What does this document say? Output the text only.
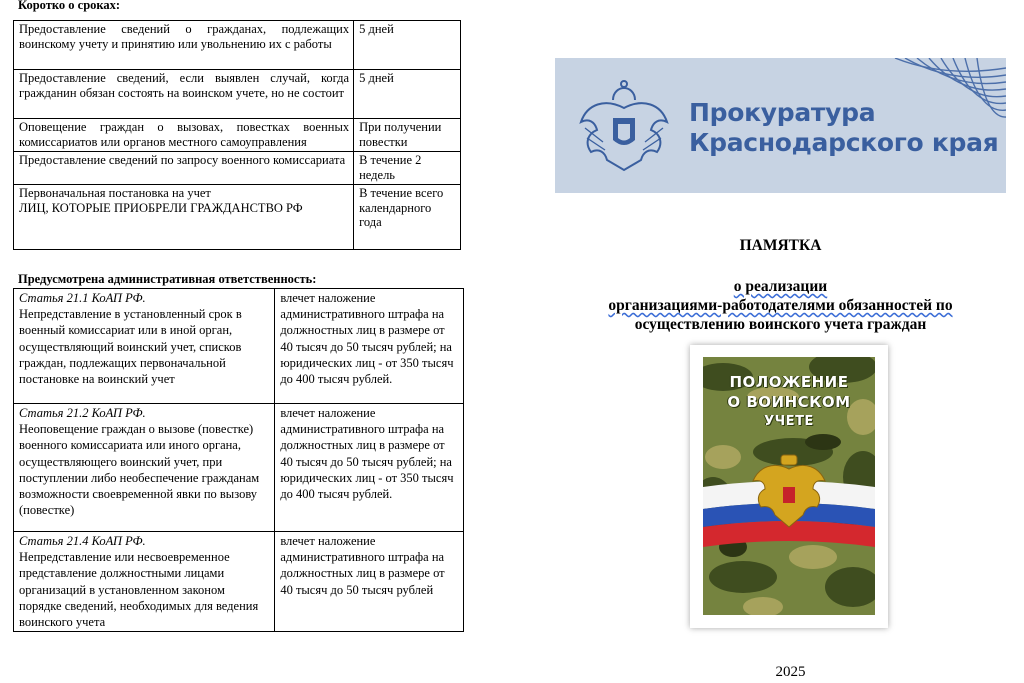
Коротко о сроках:
Предоставление сведений о гражданах, подлежащих воинскому учету и принятию или увольнению их с работы	5 дней
Предоставление сведений, если выявлен случай, когда гражданин обязан состоять на воинском учете, но не состоит	5 дней
Оповещение граждан о вызовах, повестках военных комиссариатов или органов местного самоуправления	При получении повестки
Предоставление сведений по запросу военного комиссариата	В течение 2 недель

Первоначальная постановка на учет
ЛИЦ, КОТОРЫЕ ПРИОБРЕЛИ ГРАЖДАНСТВО РФ	В течение всего календарного года
Предусмотрена административная ответственность:
Статья 21.1 КоАП РФ.
Непредставление в установленный срок в военный комиссариат или в иной орган, осуществляющий воинский учет, списков граждан, подлежащих первоначальной постановке на воинский учет	влечет наложение административного штрафа на должностных лиц в размере от 40 тысяч до 50 тысяч рублей; на юридических лиц - от 350 тысяч до 400 тысяч рублей.

Статья 21.2 КоАП РФ.
Неоповещение граждан о вызове (повестке) военного комиссариата или иного органа, осуществляющего воинский учет, при поступлении либо необеспечение гражданам возможности своевременной явки по вызову (повестке)	влечет наложение административного штрафа на должностных лиц в размере от 40 тысяч до 50 тысяч рублей; на юридических лиц - от 350 тысяч до 400 тысяч рублей.

Статья 21.4 КоАП РФ.
Непредставление или несвоевременное представление должностными лицами организаций в установленном законом порядке сведений, необходимых для ведения воинского учета	влечет наложение административного штрафа на должностных лиц в размере от 40 тысяч до 50 тысяч рублей
Прокуратура
Краснодарского края
ПАМЯТКА
о реализации
организациями-работодателями обязанностей по
осуществлению воинского учета граждан
ПОЛОЖЕНИЕ
О ВОИНСКОМ
УЧЕТЕ
2025
